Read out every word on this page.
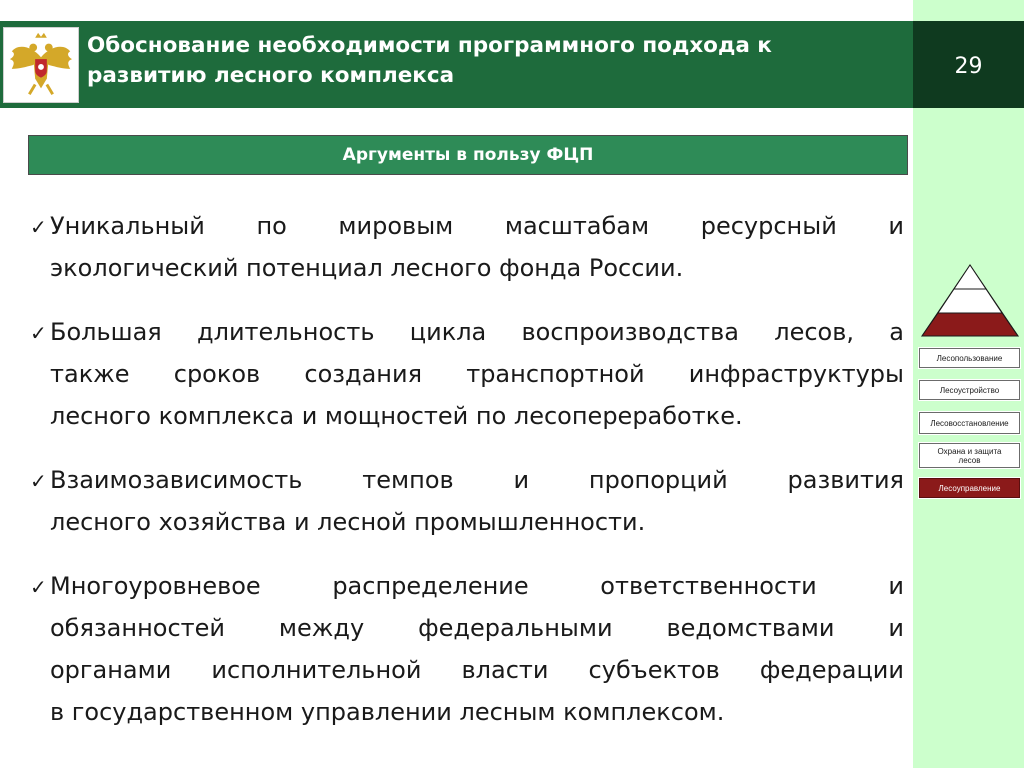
Обоснование необходимости программного подхода к
развитию лесного комплекса	29
Аргументы в пользу ФЦП
✓ Уникальный по мировым масштабам ресурсный и
экологический потенциал лесного фонда России.
✓ Большая длительность цикла воспроизводства лесов, а
также сроков создания транспортной инфраструктуры
лесного комплекса и мощностей по лесопереработке.
✓ Взаимозависимость темпов и пропорций развития
лесного хозяйства и лесной промышленности.
✓ Многоуровневое распределение ответственности и
обязанностей между федеральными ведомствами и
органами исполнительной власти субъектов федерации
в государственном управлении лесным комплексом.
Лесопользование
Лесоустройство
Лесовосстановление
Охрана и защита лесов
Лесоуправление
